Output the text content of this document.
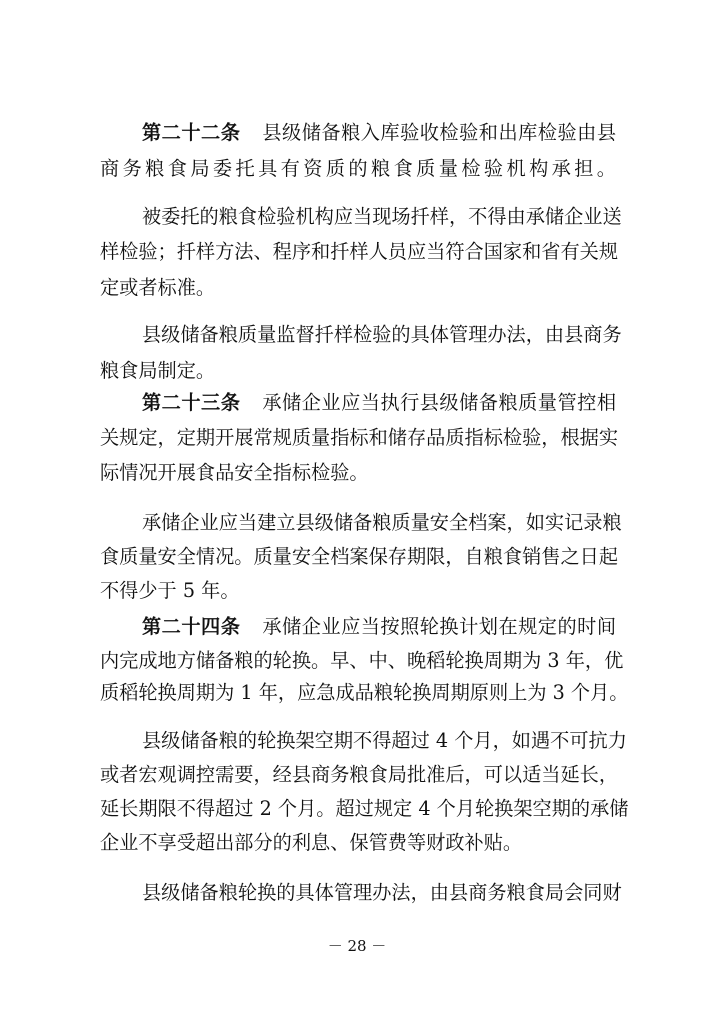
第二十二条 县级储备粮入库验收检验和出库检验由县
商务粮食局委托具有资质的粮食质量检验机构承担。
被委托的粮食检验机构应当现场扦样，不得由承储企业送
样检验；扦样方法、程序和扦样人员应当符合国家和省有关规
定或者标准。
县级储备粮质量监督扦样检验的具体管理办法，由县商务
粮食局制定。
第二十三条 承储企业应当执行县级储备粮质量管控相
关规定，定期开展常规质量指标和储存品质指标检验，根据实
际情况开展食品安全指标检验。
承储企业应当建立县级储备粮质量安全档案，如实记录粮
食质量安全情况。质量安全档案保存期限，自粮食销售之日起
不得少于 5 年。
第二十四条 承储企业应当按照轮换计划在规定的时间
内完成地方储备粮的轮换。早、中、晚稻轮换周期为 3 年，优
质稻轮换周期为 1 年，应急成品粮轮换周期原则上为 3 个月。
县级储备粮的轮换架空期不得超过 4 个月，如遇不可抗力
或者宏观调控需要，经县商务粮食局批准后，可以适当延长，
延长期限不得超过 2 个月。超过规定 4 个月轮换架空期的承储
企业不享受超出部分的利息、保管费等财政补贴。
县级储备粮轮换的具体管理办法，由县商务粮食局会同财
－ 28 －
